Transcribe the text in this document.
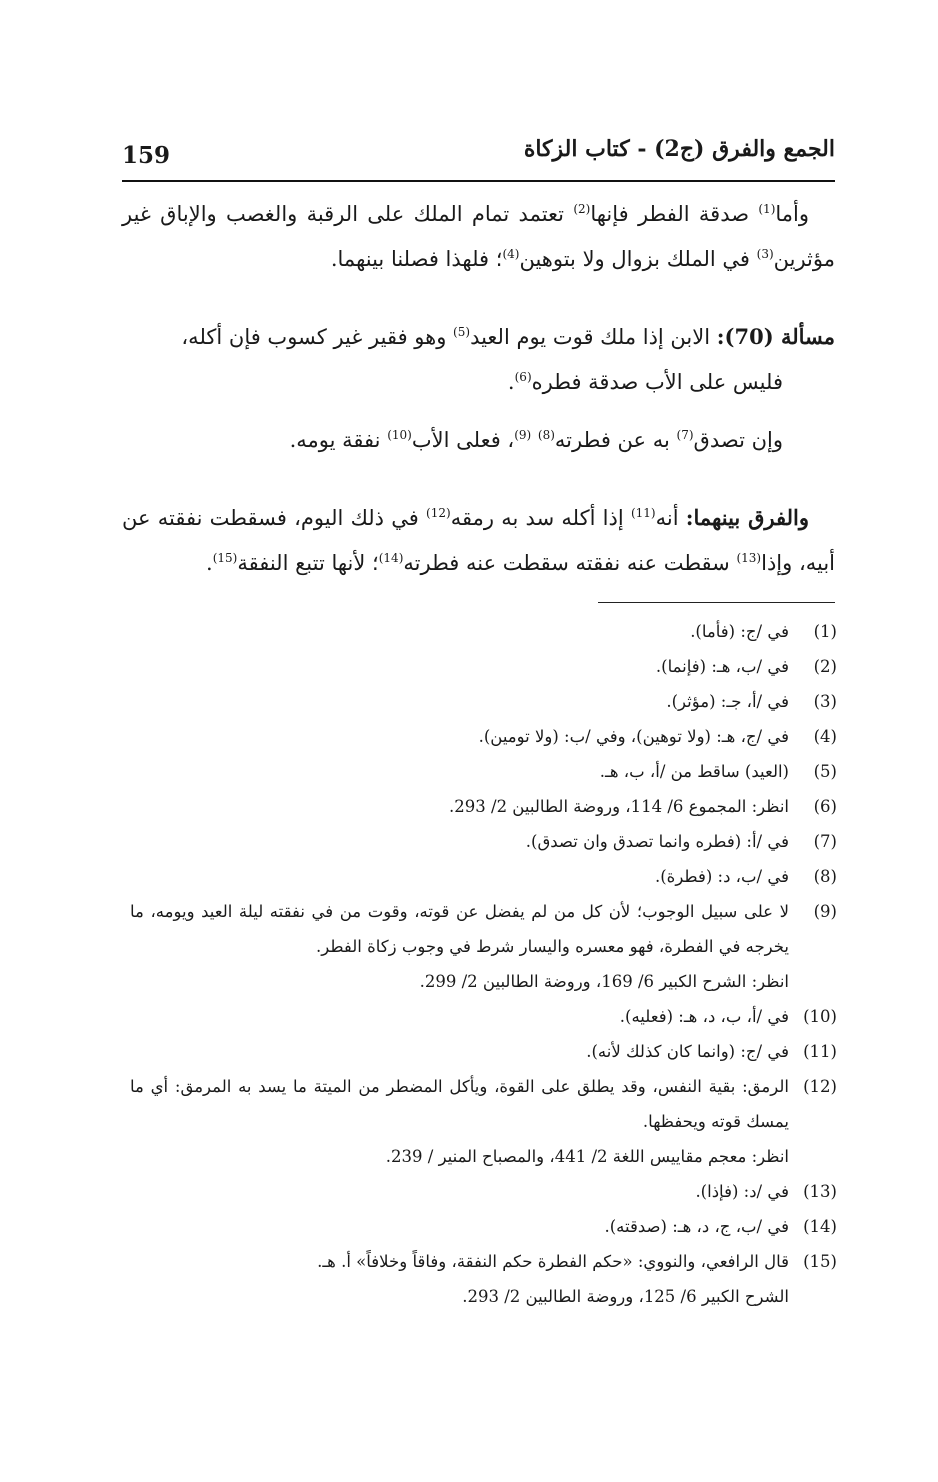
159	الجمع والفرق (ج2) - كتاب الزكاة

وأما$^{(1)}$ صدقة الفطر فإنها$^{(2)}$ تعتمد تمام الملك على الرقبة والغصب والإباق غير مؤثرين$^{(3)}$ في الملك بزوال ولا بتوهين$^{(4)}$؛ فلهذا فصلنا بينهما.

مسألة (70): الابن إذا ملك قوت يوم العيد$^{(5)}$ وهو فقير غير كسوب فإن أكله،
فليس على الأب صدقة فطره$^{(6)}$.

وإن تصدق$^{(7)}$ به عن فطرته$^{(8)}$ $^{(9)}$، فعلى الأب$^{(10)}$ نفقة يومه.

والفرق بينهما: أنه$^{(11)}$ إذا أكله سد به رمقه$^{(12)}$ في ذلك اليوم، فسقطت نفقته عن أبيه، وإذا$^{(13)}$ سقطت عنه نفقته سقطت عنه فطرته$^{(14)}$؛ لأنها تتبع النفقة$^{(15)}$.

(1)
في /ج: (فأما).
(2)
في /ب، هـ: (فإنما).
(3)
في /أ، جـ: (مؤثر).
(4)
في /ج، هـ: (ولا توهين)، وفي /ب: (ولا تومين).
(5)
(العيد) ساقط من /أ، ب، هـ.
(6)
انظر: المجموع 6/ 114، وروضة الطالبين 2/ 293.
(7)
في /أ: (فطره وانما تصدق وان تصدق).
(8)
في /ب، د: (فطرة).
(9)
لا على سبيل الوجوب؛ لأن كل من لم يفضل عن قوته، وقوت من في نفقته ليلة العيد ويومه، ما يخرجه في الفطرة، فهو معسره واليسار شرط في وجوب زكاة الفطر.
انظر: الشرح الكبير 6/ 169، وروضة الطالبين 2/ 299.
(10)
في /أ، ب، د، هـ: (فعليه).
(11)
في /ج: (وانما كان كذلك لأنه).
(12)
الرمق: بقية النفس، وقد يطلق على القوة، ويأكل المضطر من الميتة ما يسد به المرمق: أي ما يمسك قوته ويحفظها.
انظر: معجم مقاييس اللغة 2/ 441، والمصباح المنير / 239.
(13)
في /د: (فإذا).
(14)
في /ب، ج، د، هـ: (صدقته).
(15)
قال الرافعي، والنووي: «حكم الفطرة حكم النفقة، وفاقاً وخلافاً» أ. هـ.
الشرح الكبير 6/ 125، وروضة الطالبين 2/ 293.
